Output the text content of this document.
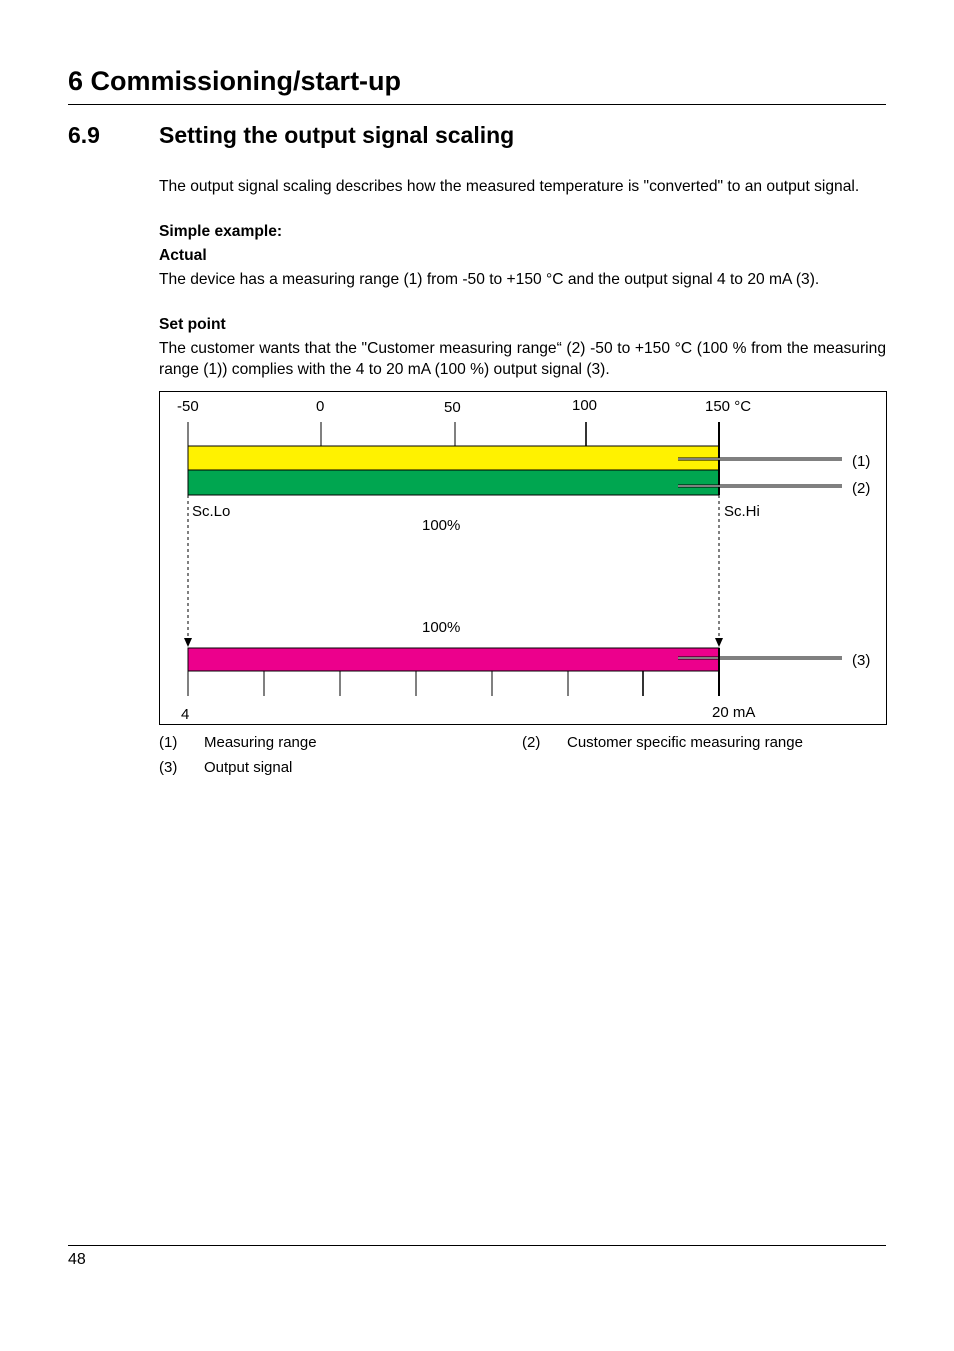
6 Commissioning/start-up
6.9	Setting the output signal scaling

The output signal scaling describes how the measured temperature is "converted" to an output signal.

Simple example:

Actual

The device has a measuring range (1) from -50 to +150 °C and the output signal 4 to 20 mA (3).

Set point

The customer wants that the "Customer measuring range“ (2) -50 to +150 °C (100 % from the measuring range (1)) complies with the 4 to 20 mA (100 %) output signal (3).

-50	0	50	100	150 °C
(1)
(2)
Sc.Lo	Sc.Hi
100%
100%
(3)
4	20 mA
(1) Measuring range	(2) Customer specific measuring range
(3) Output signal
48
